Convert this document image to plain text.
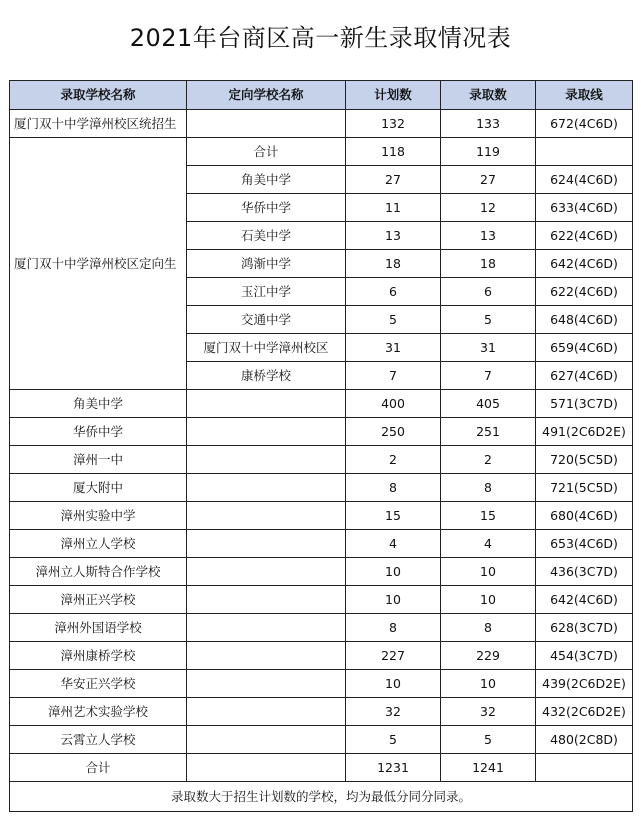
2021年台商区高一新生录取情况表
录取学校名称	定向学校名称	计划数	录取数	录取线
厦门双十中学漳州校区统招生		132	133	672(4C6D)
厦门双十中学漳州校区定向生	合计	118	119	
	角美中学	27	27	624(4C6D)
	华侨中学	11	12	633(4C6D)
	石美中学	13	13	622(4C6D)
	鸿渐中学	18	18	642(4C6D)
	玉江中学	6	6	622(4C6D)
	交通中学	5	5	648(4C6D)
	厦门双十中学漳州校区	31	31	659(4C6D)
	康桥学校	7	7	627(4C6D)
角美中学		400	405	571(3C7D)
华侨中学		250	251	491(2C6D2E)
漳州一中		2	2	720(5C5D)
厦大附中		8	8	721(5C5D)
漳州实验中学		15	15	680(4C6D)
漳州立人学校		4	4	653(4C6D)
漳州立人斯特合作学校		10	10	436(3C7D)
漳州正兴学校		10	10	642(4C6D)
漳州外国语学校		8	8	628(3C7D)
漳州康桥学校		227	229	454(3C7D)
华安正兴学校		10	10	439(2C6D2E)
漳州艺术实验学校		32	32	432(2C6D2E)
云霄立人学校		5	5	480(2C8D)
合计		1231	1241	
录取数大于招生计划数的学校，均为最低分同分同录。				
